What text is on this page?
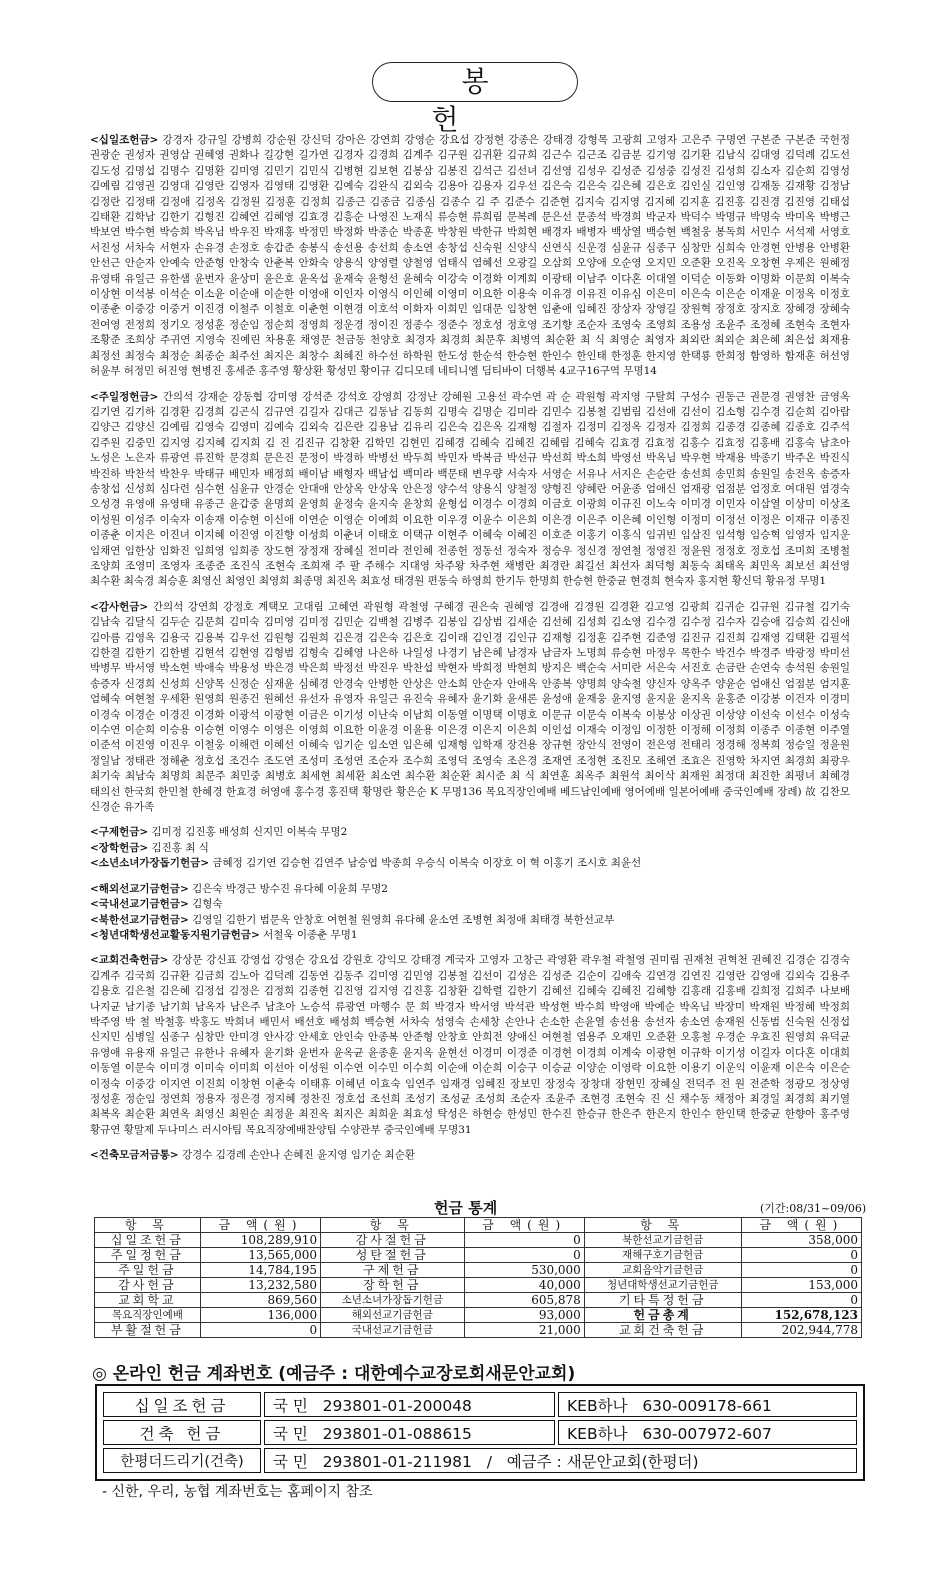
봉 헌

<십일조헌금> 강경자 강규일 강병희 강순원 강신덕 강아은 강연희 강영순 강요섭 강정현 강종은 강태경 강형목 고광희 고영자 고은주 구명연 구본준 구본준 국헌정 권광순 권성자 권영삼 권혜영 권화나 길강현 길가연 김경자 김경희 김계주 김구원 김귀환 김규희 김근수 김근조 김금분 김기영 김기환 김남식 김대영 김덕례 김도선 김도성 김명섭 김명수 김명환 김미영 김민기 김민식 김병현 김보현 김봉삼 김봉진 김석근 김선녀 김선영 김성우 김성준 김성중 김성진 김성희 김소자 김순희 김영성 김예림 김영권 김영대 김영란 김영자 김영태 김영환 김예숙 김완식 김외숙 김용아 김용자 김우선 김은숙 김은숙 김은혜 김은호 김인실 김인영 김재동 김재황 김정남 김정란 김정태 김정애 김정옥 김정원 김정훈 김정희 김종근 김종금 김종심 김종수 김 주 김준수 김준현 김지숙 김지영 김지혜 김지훈 김진홍 김진경 김진영 김태섭 김태환 김학남 김한기 김형진 김혜연 김혜영 김효경 김흥순 나영진 노재식 류승현 류희림 문복례 문은선 문종석 박경희 박군자 박덕수 박명규 박명숙 박미옥 박병근 박보연 박수현 박승희 박옥님 박우진 박재홍 박정민 박정화 박종순 박종훈 박창원 박한규 박희현 배경자 배병자 백상열 백승현 백철웅 봉독희 서민수 서석제 서영호 서진성 서차숙 서현자 손유경 손정호 송갑준 송봉식 송선용 송선희 송소연 송창섭 신숙원 신양식 신연식 신운경 심윤규 심종구 심창만 심희숙 안경현 안병용 안병환 안선근 안순자 안예숙 안준형 안창숙 안춘복 안화숙 양용식 양영렬 양철영 엄태식 염혜선 오광길 오삼희 오양애 오순영 오지민 오준환 오진옥 오창현 우제은 원혜정 유영태 유일근 유한샘 윤번자 윤상미 윤은호 윤옥섭 윤재숙 윤형선 윤혜숙 이강숙 이경화 이계희 이광태 이남주 이다혼 이대열 이덕순 이동화 이명화 이문희 이복숙 이상현 이석봉 이석순 이소윤 이순애 이순한 이영애 이인자 이영식 이인혜 이영미 이요한 이용숙 이유경 이유진 이유심 이은미 이은숙 이은순 이재윤 이정옥 이정호 이종춘 이중강 이중거 이진경 이철주 이철호 이춘현 이현경 이호석 이화자 이희민 임대문 임창현 임춘애 임혜진 장상자 장영길 장원혁 장정호 장지호 장혜경 장혜숙 전여영 전정희 정기오 정성훈 정순임 정순희 정영희 정운경 정이진 정종수 정준수 정호성 정호영 조기향 조순자 조영숙 조영희 조용성 조윤주 조정혜 조현숙 조현자 조황준 조희상 주귀연 지영숙 진예린 차용훈 채영문 천금동 천양호 최경자 최경희 최문후 최병역 최순환 최 식 최영순 최영자 최외란 최외순 최은혜 최은섭 최재용 최정선 최정숙 최정순 최종순 최주선 최지은 최창수 최혜진 하수선 하학원 한도성 한순석 한승현 한인수 한인태 한정훈 한지영 한택룡 한희정 함영하 함재훈 허선영 허윤부 허정민 허진영 현병진 홍세준 홍주영 황상환 황성민 황이규 김디모데 네티니엘 딤티바이 더행복 4교구16구역 무명14

<주일정헌금> 간의석 강재순 강동협 강미영 강석준 강석호 강영희 강정난 강혜원 고용선 곽수연 곽 순 곽원형 곽지영 구탈희 구성수 권동근 권문경 권영찬 금영옥 김기연 김기하 김경환 김경희 김곤식 김규연 김길자 김대근 김동남 김동희 김명숙 김명순 김미라 김민수 김봉철 김범림 김선애 김선이 김소형 김수경 김순희 김아람 김양근 김양신 김예림 김영숙 김영미 김예숙 김외숙 김은란 김용남 김유리 김은숙 김은옥 김재형 김절자 김정미 김정옥 김정자 김정희 김종경 김종혜 김종호 김주석 김주원 김중민 김지영 김지혜 김지희 김 진 김진규 김창환 김학민 김현민 김혜경 김혜숙 김혜진 김혜림 김혜숙 김효경 김효정 김홍수 김효정 김홍배 김홍숙 남초아 노성은 노은자 류광연 류진학 문경희 문은진 문정이 박경하 박병선 박두희 박민자 박복금 박선규 박선희 박소희 박영선 박옥님 박우현 박재용 박종기 박주온 박진식 박진하 박찬석 박찬우 박태규 배민자 배정희 배이남 배형자 백남섭 백미라 백문태 변우량 서숙자 서영순 서유나 서지은 손순란 송선희 송민희 송원일 송전옥 송증자 송창섭 신성희 심다련 심수현 심윤규 안경순 안대애 안상옥 안상욱 안은정 양수석 양용식 양철정 양형진 양혜란 어윤종 엄애신 엄재광 엄점분 엄정호 여대원 염경숙 오성경 유영애 유영태 유종근 윤갑중 윤명희 윤영희 윤정숙 윤지숙 윤창희 윤형섭 이경수 이경희 이금호 이광희 이규진 이노숙 이미경 이민자 이삼열 이상미 이상조 이성원 이성주 이숙자 이송재 이승현 이신애 이연순 이영순 이예희 이요한 이우경 이윤수 이은희 이은경 이은주 이은혜 이인형 이정미 이정선 이정은 이재규 이종진 이종춘 이지은 이진녀 이지혜 이진영 이진향 이성희 이춘녀 이태호 이택규 이현주 이혜숙 이혜진 이호준 이홍기 이홍식 임귀빈 임삼진 임석형 임승혁 임영자 임지운 임채연 임한상 임화진 임희영 임희종 장도현 장정재 장혜실 전미라 전인혜 전종헌 정동선 정숙자 정승우 정신경 정연철 정영진 정윤원 정정호 정호섭 조미희 조병철 조양희 조영미 조영자 조종준 조진식 조현숙 조희재 주 팔 주해수 지대영 차주왕 차주현 채병란 최경란 최길선 최선자 최덕형 최동숙 최태옥 최민옥 최보선 최선영 최수환 최숙경 최승훈 최영신 최영인 최영희 최종명 최진옥 최효성 태경원 편동숙 하영희 한기두 한명희 한승현 한중균 현경희 현숙자 홍지현 황신덕 황유정 무명1

<감사헌금> 간의석 강연희 강정호 계택모 고대림 고혜연 곽원형 곽철영 구혜경 권은숙 권혜영 김경애 김경원 김경환 김고영 김광희 김귀순 김규원 김규철 김기숙 김남숙 김달식 김두순 김문희 김미숙 김미영 김미정 김민순 김백철 김병주 김봉임 김상범 김새순 김선혜 김성희 김소영 김수경 김수정 김수자 김승애 김승희 김신애 김아름 김영옥 김용국 김용복 김우선 김원형 김원희 김은경 김은숙 김은호 김이래 김인경 김인규 김재형 김정훈 김주현 김준영 김진규 김진희 김재영 김택환 김필석 김한결 김한기 김한별 김현석 김현영 김형범 김형숙 김혜영 나은하 나일성 나경기 남은혜 남경자 남금자 노명희 류승현 마정우 목한수 박건수 박경주 박광정 박미선 박병무 박서영 박소현 박애숙 박용성 박은경 박은희 박정선 박진우 박찬섭 박현자 박희정 박현희 방지은 백순숙 서미란 서은숙 서진호 손금란 손연숙 송석원 송원일 송증자 신경희 신성희 신양목 신정순 심재윤 심혜경 안경숙 안병한 안상은 안소희 안순자 안애옥 안종복 양명희 양숙철 양신자 양옥주 양윤순 엄애신 엄점분 엄지훈 엄혜숙 여현철 우세환 원영희 원종건 원혜선 유선자 유영자 유일근 유진숙 유혜자 윤기화 윤새론 윤성애 윤재웅 윤지영 윤지윤 윤지옥 윤홍준 이강봉 이건자 이경미 이경숙 이경순 이경진 이경화 이광석 이광현 이금은 이기성 이난숙 이남희 이동열 이명택 이명호 이문규 이문숙 이복숙 이봉상 이상권 이상양 이선숙 이선수 이성숙 이수연 이순희 이승용 이승현 이영수 이영은 이영희 이요한 이윤경 이윤용 이은경 이은지 이은희 이인섭 이재숙 이정임 이정한 이정해 이정희 이종주 이종현 이주열 이준석 이진영 이진우 이철웅 이해련 이혜선 이혜숙 임기순 임소연 임은혜 임재형 임학재 장건용 장규현 장안식 전영이 전은영 전태리 정경해 정복희 정승일 정윤원 정일남 정태관 정해춘 정호섭 조건수 조도연 조성미 조성연 조순자 조수희 조영덕 조영숙 조은경 조재연 조정현 조진모 조해연 조효은 진영학 차지연 최경희 최광우 최기숙 최남숙 최명희 최문주 최민중 최병호 최세현 최세환 최소연 최수환 최순환 최시준 최 식 최연훈 최옥주 최원석 최이삭 최재원 최정대 최진한 최평녀 최혜경 태의선 한국희 한민철 한혜경 한효경 허영애 홍수경 홍진택 황명란 황은순 K 무명136 목요직장인예배 베드남인예배 영어예배 일본어예배 중국인예배 장례) 故 김찬모 신경순 유가족

<구제헌금> 김미정 김진홍 배성희 신지민 이복숙 무명2

<장학헌금> 김진홍 최 식

<소년소녀가장돕기헌금> 금혜정 김기연 김승현 김연주 남승엽 박종희 우승식 이복숙 이장호 이 혁 이홍기 조시호 최윤선

<해외선교기금헌금> 김은숙 박경근 방수진 유다혜 이윤희 무명2

<국내선교기금헌금> 김형숙

<북한선교기금헌금> 김영일 김한기 범문옥 안창호 여현철 원영희 유다혜 윤소연 조병현 최정애 최태경 북한선교부

<청년대학생선교활동지원기금헌금> 서철욱 이종춘 무명1

<교회건축헌금> 강상문 강신표 강영섭 강영순 강요섭 강원호 강익모 강태경 계국자 고영자 고창근 곽영환 곽우철 곽철영 권미림 권재천 권혁천 권혜진 김경순 김경숙 김계주 김국희 김규환 김금희 김노아 김덕례 김동연 김동주 김미영 김민영 김봉철 김선이 김성은 김성준 김순이 김애숙 김연경 김연진 김영란 김영애 김외숙 김용주 김용호 김은철 김은혜 김정섭 김정은 김정희 김종현 김진영 김지영 김진홍 김창환 김학렬 김한기 김혜선 김혜숙 김혜진 김혜향 김홍래 김홍배 김희정 김희주 나보배 나지균 남기종 남기희 남옥자 남은주 남초아 노승석 류광연 마행수 문 희 박경자 박서영 박석관 박성현 박수희 박영애 박예순 박옥님 박장미 박재원 박정혜 박정희 박주영 박 철 박철홍 박홍도 박희녀 배민서 배선호 배성희 백승현 서차숙 성영숙 손세창 손안나 손소한 손윤열 송선용 송선자 송소연 송재원 신동범 신숙원 신정섭 신지민 심병일 심종구 심창만 안미경 안사강 안세호 안인숙 안종복 안준형 안창호 안희전 양애신 여현철 염용주 오재민 오준환 오홍철 우경순 우효진 원영희 유덕균 유영애 유용재 유일근 유한나 유혜자 윤기화 윤번자 윤옥균 윤종훈 윤지옥 윤현선 이경미 이경준 이경현 이경희 이계숙 이광현 이규학 이기성 이길자 이다혼 이대희 이동열 이문숙 이미경 이미숙 이미희 이선아 이성원 이수연 이수민 이수희 이순애 이순희 이승구 이승균 이양순 이영락 이요한 이용기 이운익 이윤재 이은숙 이은순 이정숙 이중강 이지연 이진희 이창현 이춘숙 이태휴 이혜년 이효숙 임연주 임재경 임혜진 장보민 장정숙 장창대 장현민 장혜실 전덕주 전 원 전준학 정광모 정상영 정성훈 정순임 정연희 정용자 정은경 정지혜 정찬진 정호섭 조선희 조성기 조성균 조성희 조순자 조윤주 조현경 조현숙 진 신 채수동 채정아 최경일 최경희 최기열 최복옥 최순환 최연옥 최영신 최원순 최정윤 최진옥 최지은 최희윤 최효성 탁성은 하현승 한성민 한수진 한승규 한은주 한은지 한인수 한인택 한중균 한향아 홍주영 황규연 황말제 두나미스 러시아팀 목요직장예배찬양팀 수양관부 중국인예배 무명31

<건축모금저금통> 강경수 김경례 손안나 손혜진 윤지영 임기순 최순환

헌금 통계	(기간:08/31~09/06)
항 목	금 액(원)	항 목	금 액(원)	항 목	금 액(원)
십일조헌금	108,289,910	감사절헌금	0	북한선교기금헌금	358,000
주일정헌금	13,565,000	성탄절헌금	0	재해구호기금헌금	0
주일헌금	14,784,195	구제헌금	530,000	교회음악기금헌금	0
감사헌금	13,232,580	장학헌금	40,000	청년대학생선교기금헌금	153,000
교회학교	869,560	소년소녀가장돕기헌금	605,878	기타특정헌금	0
목요직장인예배	136,000	해외선교기금헌금	93,000	헌금총계	152,678,123
부활절헌금	0	국내선교기금헌금	21,000	교회건축헌금	202,944,778
◎ 온라인 헌금 계좌번호 (예금주 : 대한예수교장로회새문안교회)
십일조헌금	국 민 293801-01-200048	KEB하나 630-009178-661
건축 헌금	국 민 293801-01-088615	KEB하나 630-007972-607
한평더드리기(건축)	국 민 293801-01-211981 / 예금주 : 새문안교회(한평더)	
- 신한, 우리, 농협 계좌번호는 홈페이지 참조
